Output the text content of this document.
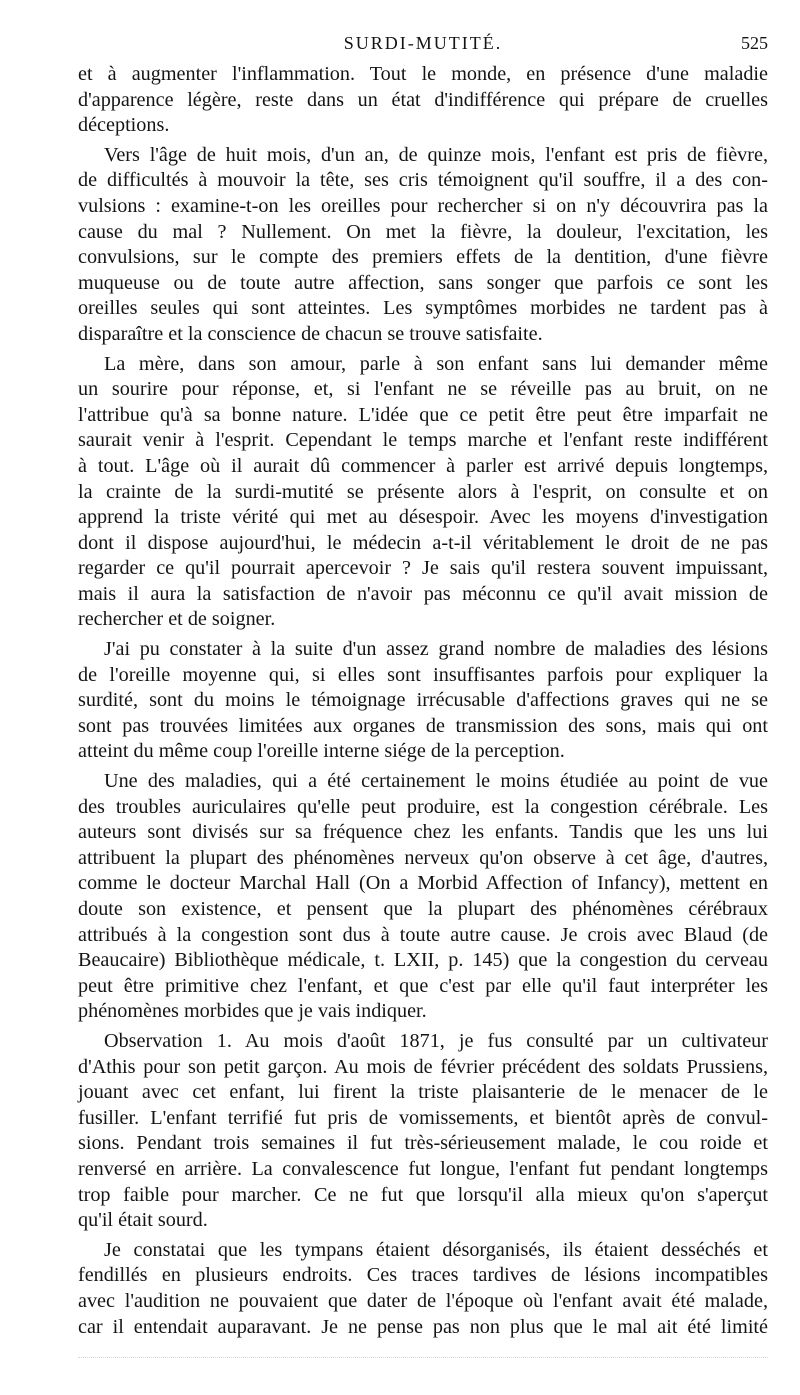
SURDI-MUTITÉ.	525

et à augmenter l'inflammation. Tout le monde, en présence d'une maladie
d'apparence légère, reste dans un état d'indifférence qui prépare de cruelles
déceptions.

Vers l'âge de huit mois, d'un an, de quinze mois, l'enfant est pris de fièvre,
de difficultés à mouvoir la tête, ses cris témoignent qu'il souffre, il a des con-
vulsions : examine-t-on les oreilles pour rechercher si on n'y découvrira pas la
cause du mal ? Nullement. On met la fièvre, la douleur, l'excitation, les
convulsions, sur le compte des premiers effets de la dentition, d'une fièvre
muqueuse ou de toute autre affection, sans songer que parfois ce sont les
oreilles seules qui sont atteintes. Les symptômes morbides ne tardent pas à
disparaître et la conscience de chacun se trouve satisfaite.

La mère, dans son amour, parle à son enfant sans lui demander même
un sourire pour réponse, et, si l'enfant ne se réveille pas au bruit, on ne
l'attribue qu'à sa bonne nature. L'idée que ce petit être peut être imparfait ne
saurait venir à l'esprit. Cependant le temps marche et l'enfant reste indifférent
à tout. L'âge où il aurait dû commencer à parler est arrivé depuis longtemps,
la crainte de la surdi-mutité se présente alors à l'esprit, on consulte et on
apprend la triste vérité qui met au désespoir. Avec les moyens d'investigation
dont il dispose aujourd'hui, le médecin a-t-il véritablement le droit de ne pas
regarder ce qu'il pourrait apercevoir ? Je sais qu'il restera souvent impuissant,
mais il aura la satisfaction de n'avoir pas méconnu ce qu'il avait mission de
rechercher et de soigner.

J'ai pu constater à la suite d'un assez grand nombre de maladies des lésions
de l'oreille moyenne qui, si elles sont insuffisantes parfois pour expliquer la
surdité, sont du moins le témoignage irrécusable d'affections graves qui ne se
sont pas trouvées limitées aux organes de transmission des sons, mais qui ont
atteint du même coup l'oreille interne siége de la perception.

Une des maladies, qui a été certainement le moins étudiée au point de vue
des troubles auriculaires qu'elle peut produire, est la congestion cérébrale. Les
auteurs sont divisés sur sa fréquence chez les enfants. Tandis que les uns lui
attribuent la plupart des phénomènes nerveux qu'on observe à cet âge, d'autres,
comme le docteur Marchal Hall (On a Morbid Affection of Infancy), mettent en
doute son existence, et pensent que la plupart des phénomènes cérébraux
attribués à la congestion sont dus à toute autre cause. Je crois avec Blaud (de
Beaucaire) Bibliothèque médicale, t. LXII, p. 145) que la congestion du cerveau
peut être primitive chez l'enfant, et que c'est par elle qu'il faut interpréter les
phénomènes morbides que je vais indiquer.

Observation 1. Au mois d'août 1871, je fus consulté par un cultivateur
d'Athis pour son petit garçon. Au mois de février précédent des soldats Prussiens,
jouant avec cet enfant, lui firent la triste plaisanterie de le menacer de le
fusiller. L'enfant terrifié fut pris de vomissements, et bientôt après de convul-
sions. Pendant trois semaines il fut très-sérieusement malade, le cou roide et
renversé en arrière. La convalescence fut longue, l'enfant fut pendant longtemps
trop faible pour marcher. Ce ne fut que lorsqu'il alla mieux qu'on s'aperçut
qu'il était sourd.

Je constatai que les tympans étaient désorganisés, ils étaient desséchés et
fendillés en plusieurs endroits. Ces traces tardives de lésions incompatibles
avec l'audition ne pouvaient que dater de l'époque où l'enfant avait été malade,
car il entendait auparavant. Je ne pense pas non plus que le mal ait été limité
